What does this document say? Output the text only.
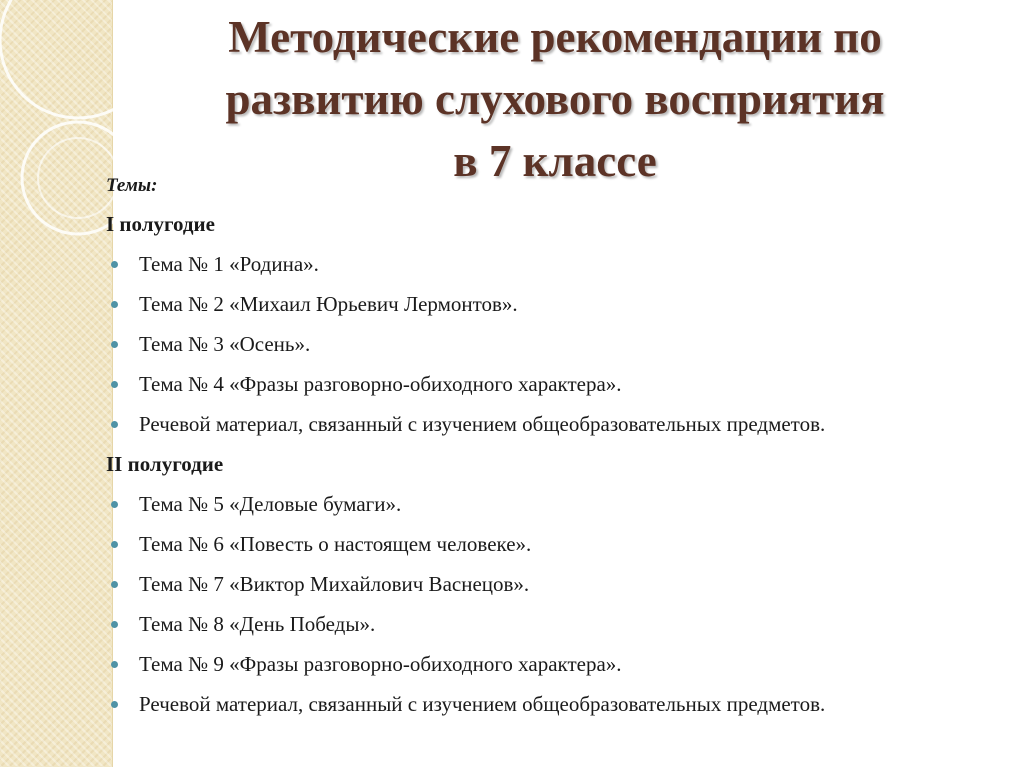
Методические рекомендации по
развитию слухового восприятия
в 7 классе
Темы:
I полугодие
Тема № 1 «Родина».
Тема № 2 «Михаил Юрьевич Лермонтов».
Тема № 3 «Осень».
Тема № 4 «Фразы разговорно-обиходного характера».
Речевой материал, связанный с изучением общеобразовательных предметов.
II полугодие
Тема № 5 «Деловые бумаги».
Тема № 6 «Повесть о настоящем человеке».
Тема № 7 «Виктор Михайлович Васнецов».
Тема № 8 «День Победы».
Тема № 9 «Фразы разговорно-обиходного характера».
Речевой материал, связанный с изучением общеобразовательных предметов.
